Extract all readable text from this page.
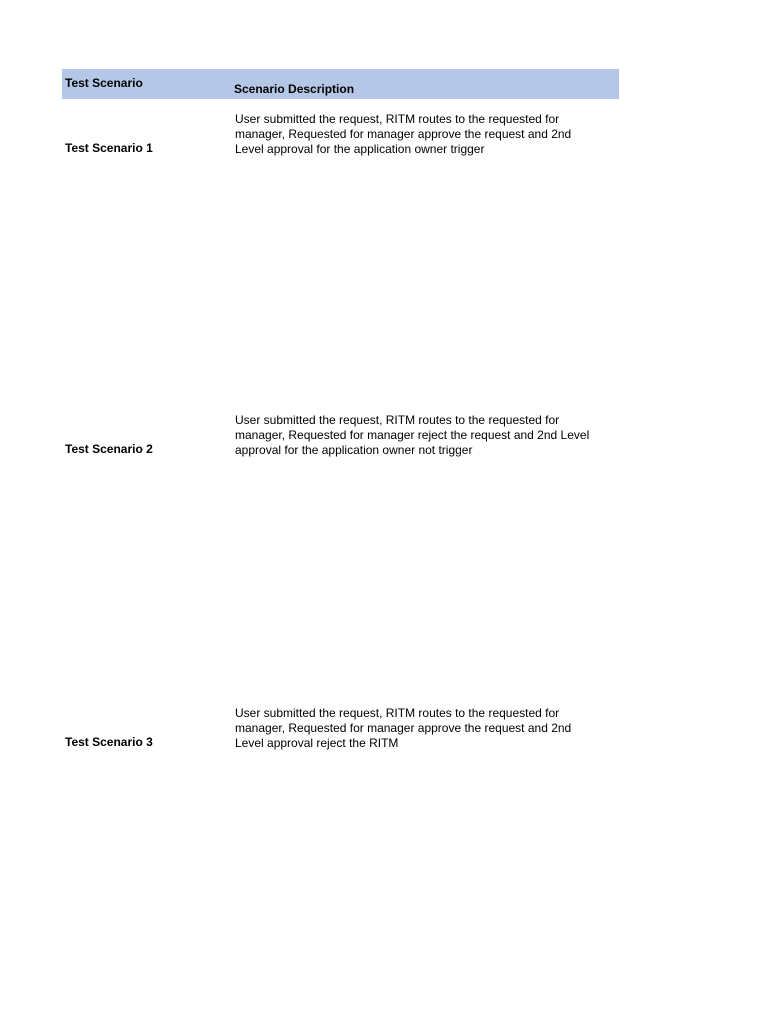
Test Scenario	Scenario Description
Test Scenario 1
User submitted the request, RITM routes to the requested for
manager, Requested for manager approve the request and 2nd
Level approval for the application owner trigger
Test Scenario 2
User submitted the request, RITM routes to the requested for
manager, Requested for manager reject the request and 2nd Level
approval for the application owner not trigger
Test Scenario 3
User submitted the request, RITM routes to the requested for
manager, Requested for manager approve the request and 2nd
Level approval reject the RITM
